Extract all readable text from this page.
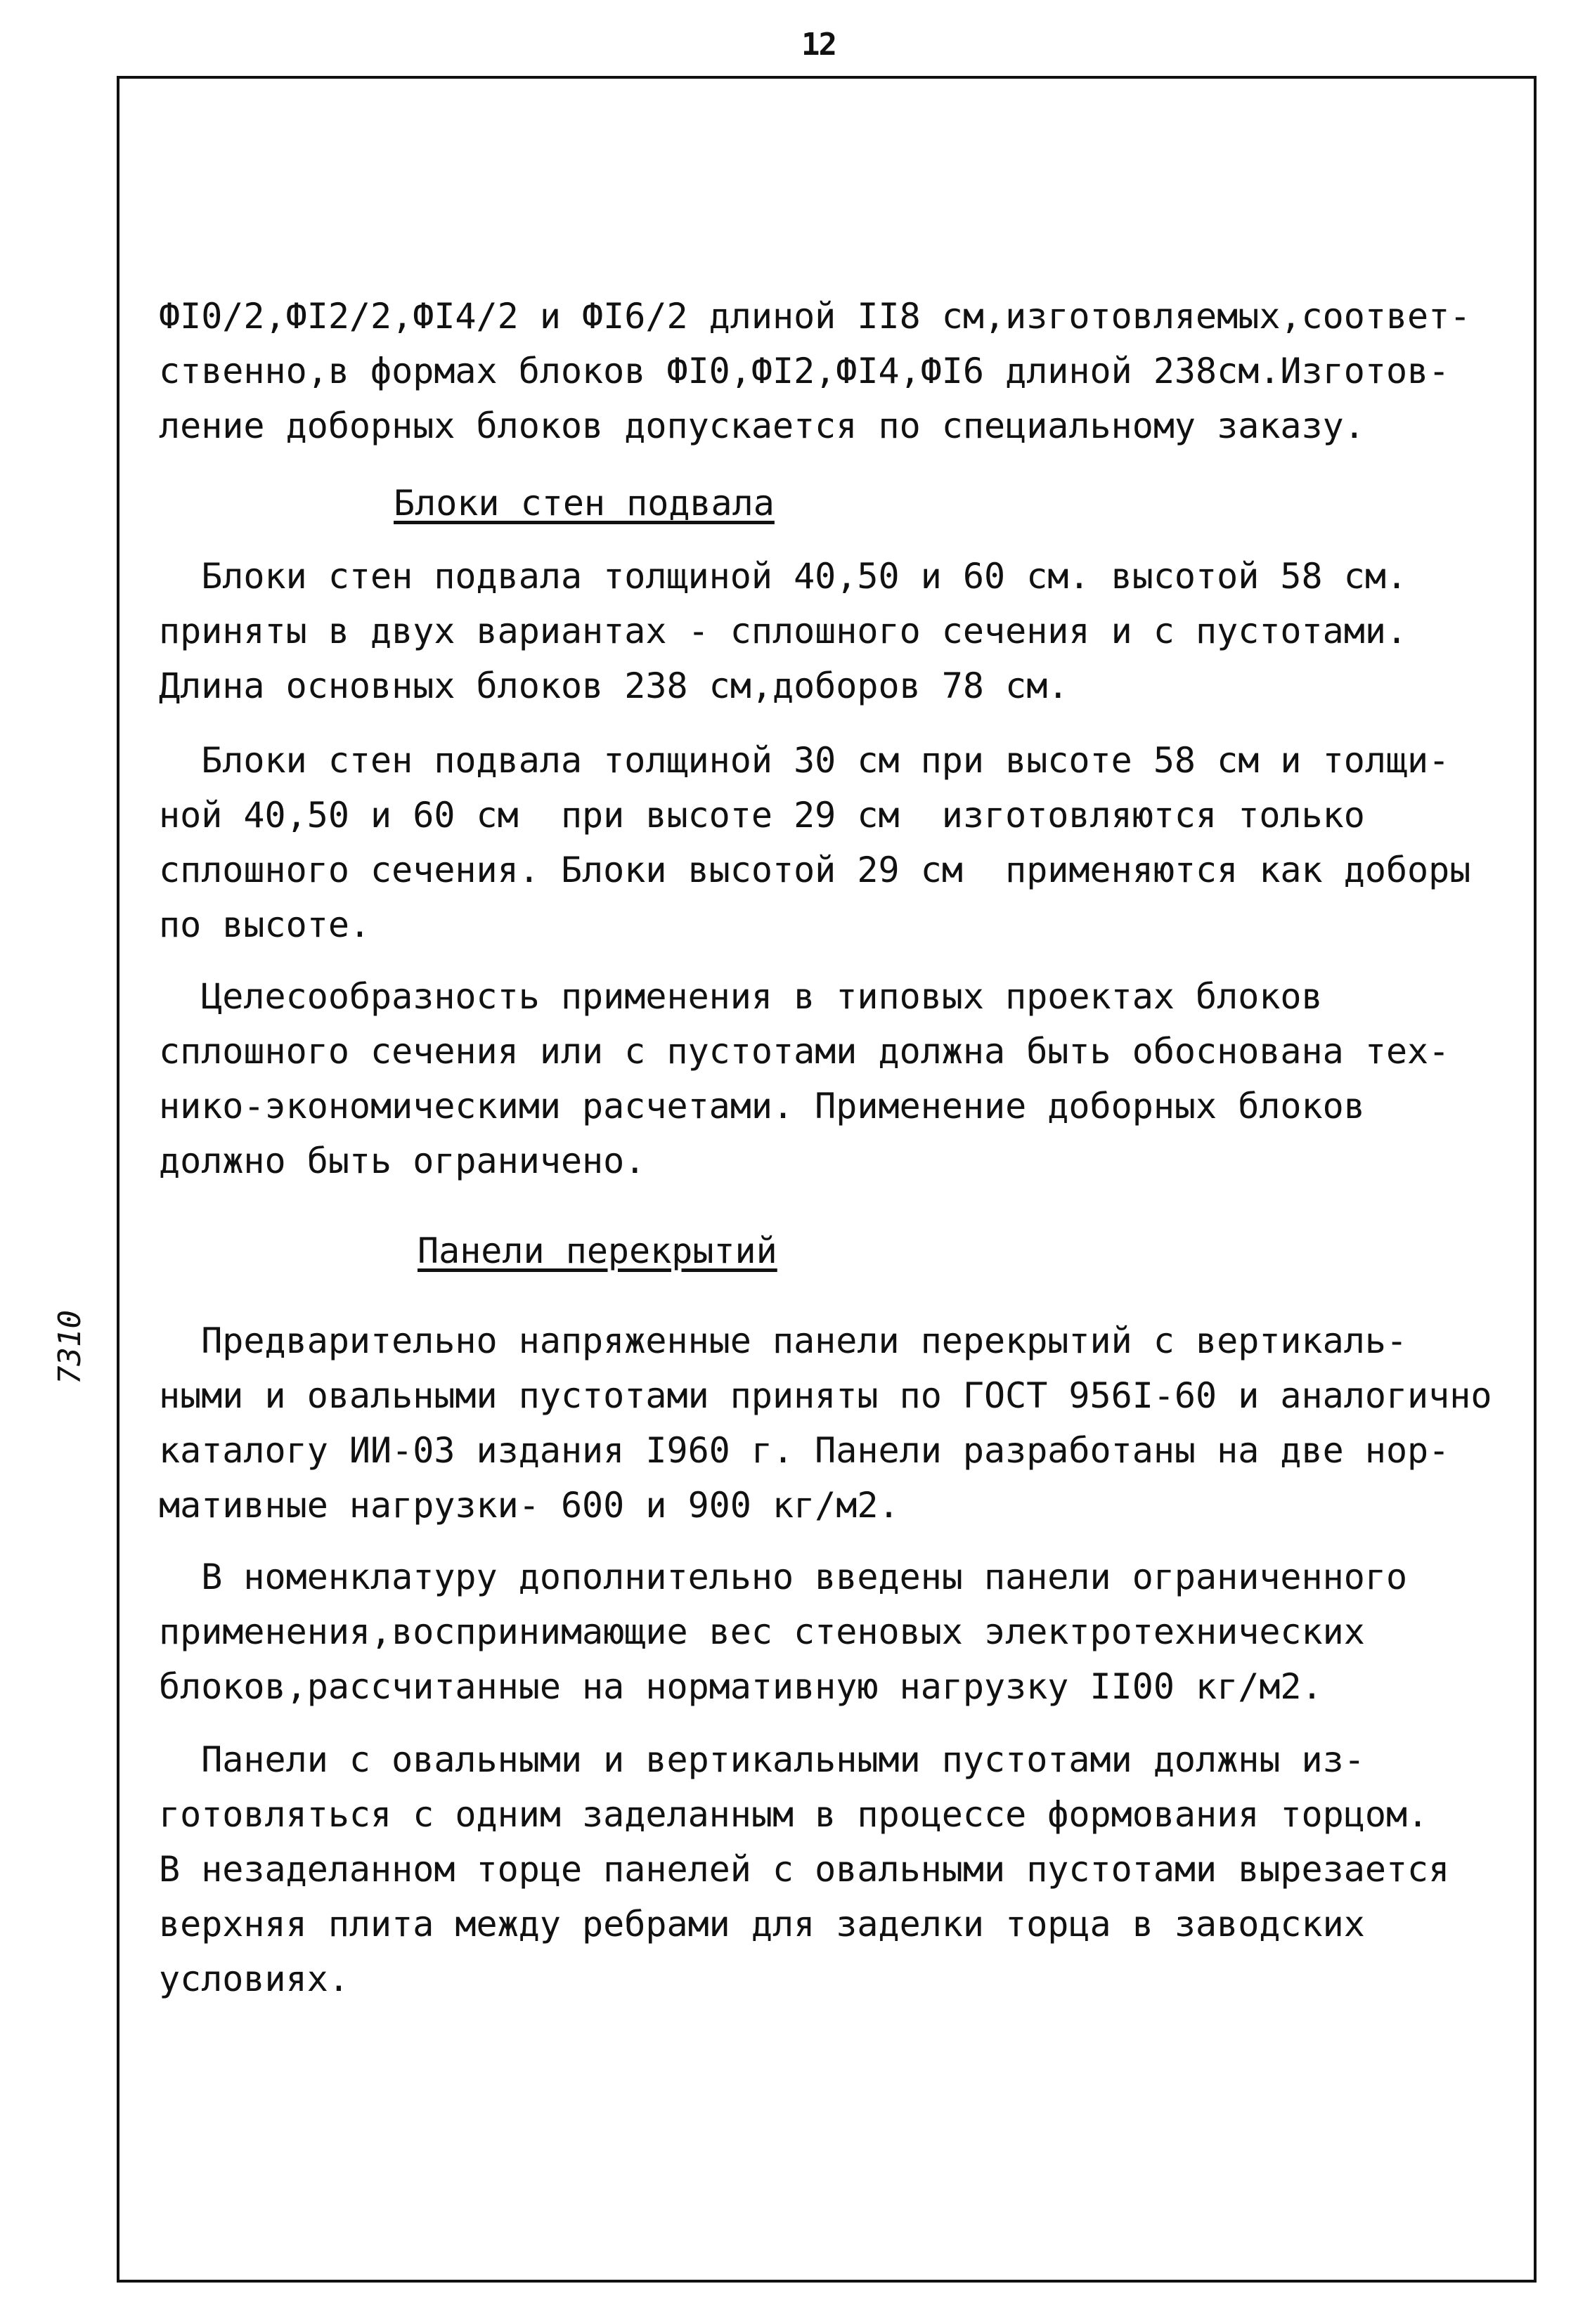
12
7310
ФI0/2,ФI2/2,ФI4/2 и ФI6/2 длиной II8 см,изготовляемых,соответ-
ственно,в формах блоков ФI0,ФI2,ФI4,ФI6 длиной 238см.Изготов-
ление доборных блоков допускается по специальному заказу.
Блоки стен подвала
Блоки стен подвала толщиной 40,50 и 60 см. высотой 58 см.
приняты в двух вариантах - сплошного сечения и с пустотами.
Длина основных блоков 238 см,доборов 78 см.
Блоки стен подвала толщиной 30 см при высоте 58 см и толщи-
ной 40,50 и 60 см  при высоте 29 см  изготовляются только
сплошного сечения. Блоки высотой 29 см  применяются как доборы
по высоте.
Целесообразность применения в типовых проектах блоков
сплошного сечения или с пустотами должна быть обоснована тех-
нико-экономическими расчетами. Применение доборных блоков
должно быть ограничено.
Панели перекрытий
Предварительно напряженные панели перекрытий с вертикаль-
ными и овальными пустотами приняты по ГОСТ 956I-60 и аналогично
каталогу ИИ-03 издания I960 г. Панели разработаны на две нор-
мативные нагрузки- 600 и 900 кг/м2.
В номенклатуру дополнительно введены панели ограниченного
применения,воспринимающие вес стеновых электротехнических
блоков,рассчитанные на нормативную нагрузку II00 кг/м2.
Панели с овальными и вертикальными пустотами должны из-
готовляться с одним заделанным в процессе формования торцом.
В незаделанном торце панелей с овальными пустотами вырезается
верхняя плита между ребрами для заделки торца в заводских
условиях.
